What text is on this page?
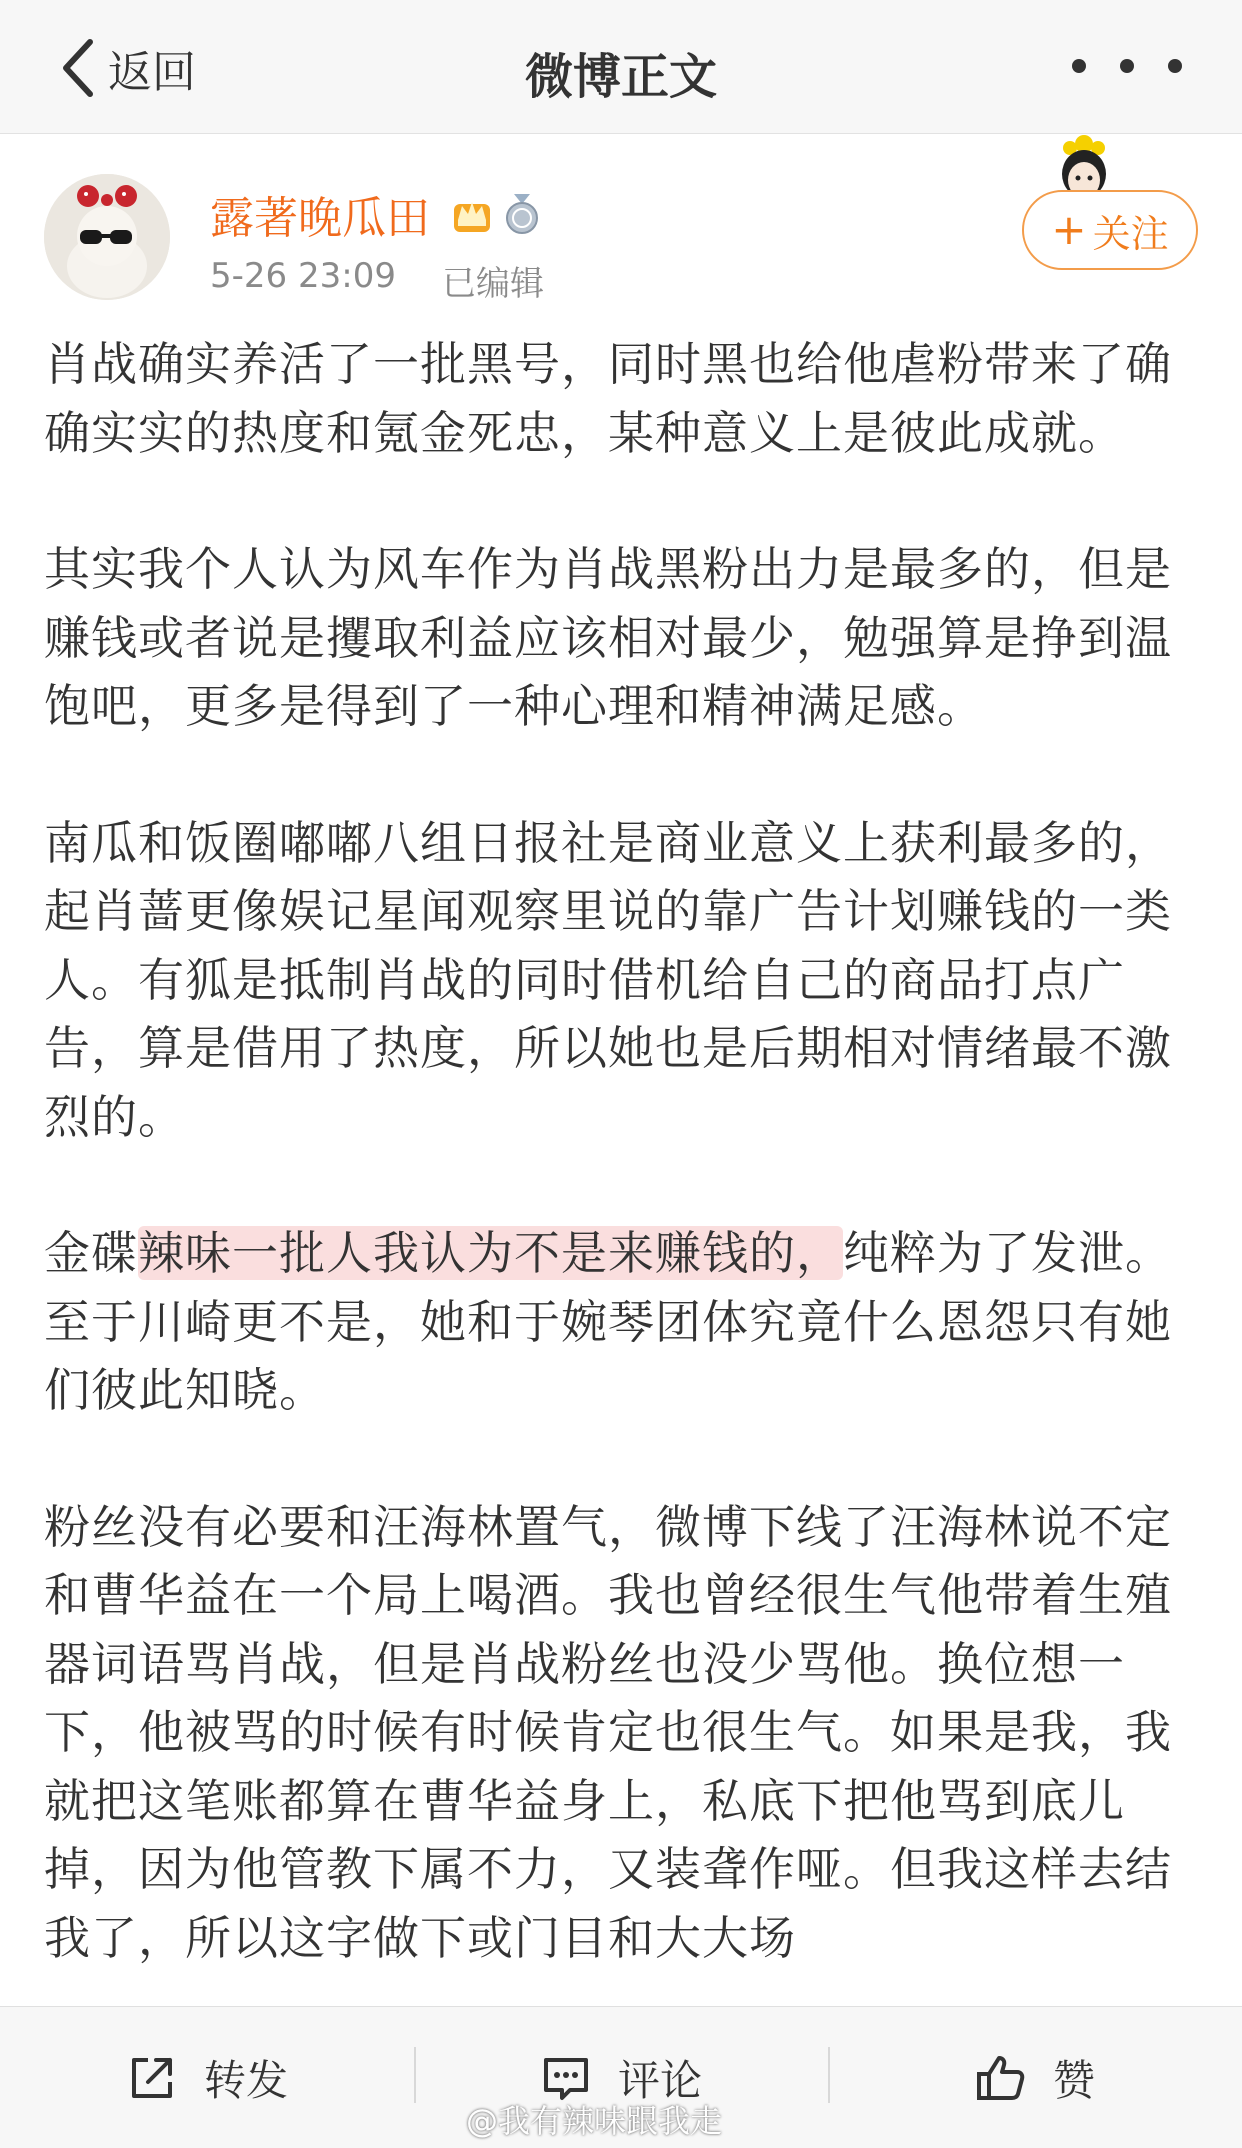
返回	微博正文
露著晚瓜田
5-26 23:09 已编辑
+ 关注

肖战确实养活了一批黑号，同时黑也给他虐粉带来了确确实实的热度和氪金死忠，某种意义上是彼此成就。

其实我个人认为风车作为肖战黑粉出力是最多的，但是赚钱或者说是攫取利益应该相对最少，勉强算是挣到温饱吧，更多是得到了一种心理和精神满足感。

南瓜和饭圈嘟嘟八组日报社是商业意义上获利最多的，起肖蔷更像娱记星闻观察里说的靠广告计划赚钱的一类人。有狐是抵制肖战的同时借机给自己的商品打点广告，算是借用了热度，所以她也是后期相对情绪最不激烈的。

金碟辣味一批人我认为不是来赚钱的，纯粹为了发泄。至于川崎更不是，她和于婉琴团体究竟什么恩怨只有她们彼此知晓。

粉丝没有必要和汪海林置气，微博下线了汪海林说不定和曹华益在一个局上喝酒。我也曾经很生气他带着生殖器词语骂肖战，但是肖战粉丝也没少骂他。换位想一下，他被骂的时候有时候肯定也很生气。如果是我，我就把这笔账都算在曹华益身上，私底下把他骂到底儿掉，因为他管教下属不力，又装聋作哑。但我这样去结我了，所以这字做下或门目和大大场

转发	评论	赞
@我有辣味跟我走
